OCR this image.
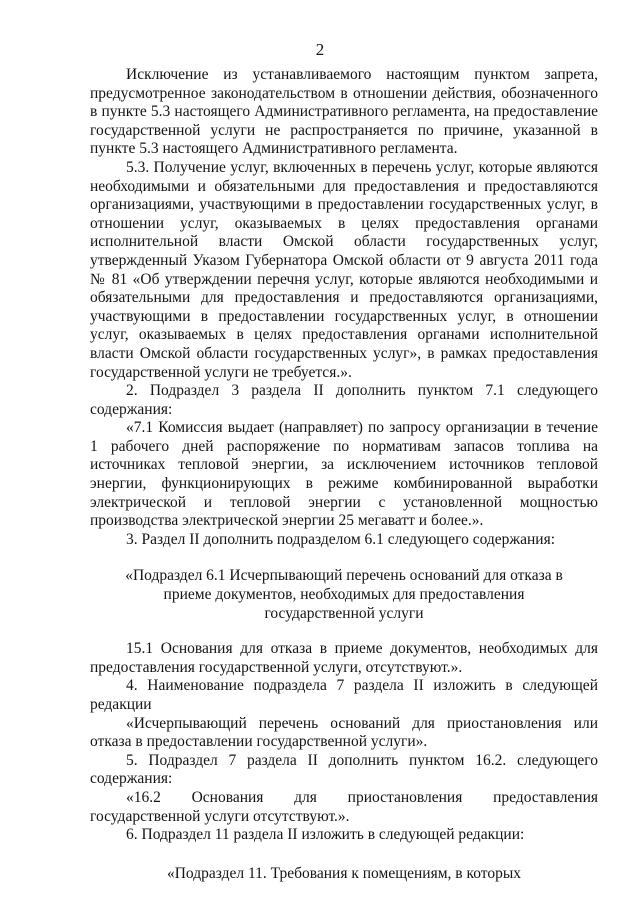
2

Исключение из устанавливаемого настоящим пунктом запрета, предусмотренное законодательством в отношении действия, обозначенного в пункте 5.3 настоящего Административного регламента, на предоставление государственной услуги не распространяется по причине, указанной в пункте 5.3 настоящего Административного регламента.

5.3. Получение услуг, включенных в перечень услуг, которые являются необходимыми и обязательными для предоставления и предоставляются организациями, участвующими в предоставлении государственных услуг, в отношении услуг, оказываемых в целях предоставления органами исполнительной власти Омской области государственных услуг, утвержденный Указом Губернатора Омской области от 9 августа 2011 года № 81 «Об утверждении перечня услуг, которые являются необходимыми и обязательными для предоставления и предоставляются организациями, участвующими в предоставлении государственных услуг, в отношении услуг, оказываемых в целях предоставления органами исполнительной власти Омской области государственных услуг», в рамках предоставления государственной услуги не требуется.».

2. Подраздел 3 раздела II дополнить пунктом 7.1 следующего содержания:

«7.1 Комиссия выдает (направляет) по запросу организации в течение 1 рабочего дней распоряжение по нормативам запасов топлива на источниках тепловой энергии, за исключением источников тепловой энергии, функционирующих в режиме комбинированной выработки электрической и тепловой энергии с установленной мощностью производства электрической энергии 25 мегаватт и более.».

3. Раздел II дополнить подразделом 6.1 следующего содержания:

«Подраздел 6.1 Исчерпывающий перечень оснований для отказа в приеме документов, необходимых для предоставления государственной услуги

15.1 Основания для отказа в приеме документов, необходимых для предоставления государственной услуги, отсутствуют.».

4. Наименование подраздела 7 раздела II изложить в следующей редакции

«Исчерпывающий перечень оснований для приостановления или отказа в предоставлении государственной услуги».

5. Подраздел 7 раздела II дополнить пунктом 16.2. следующего содержания:

«16.2 Основания для приостановления предоставления государственной услуги отсутствуют.».

6. Подраздел 11 раздела II изложить в следующей редакции:

«Подраздел 11. Требования к помещениям, в которых
